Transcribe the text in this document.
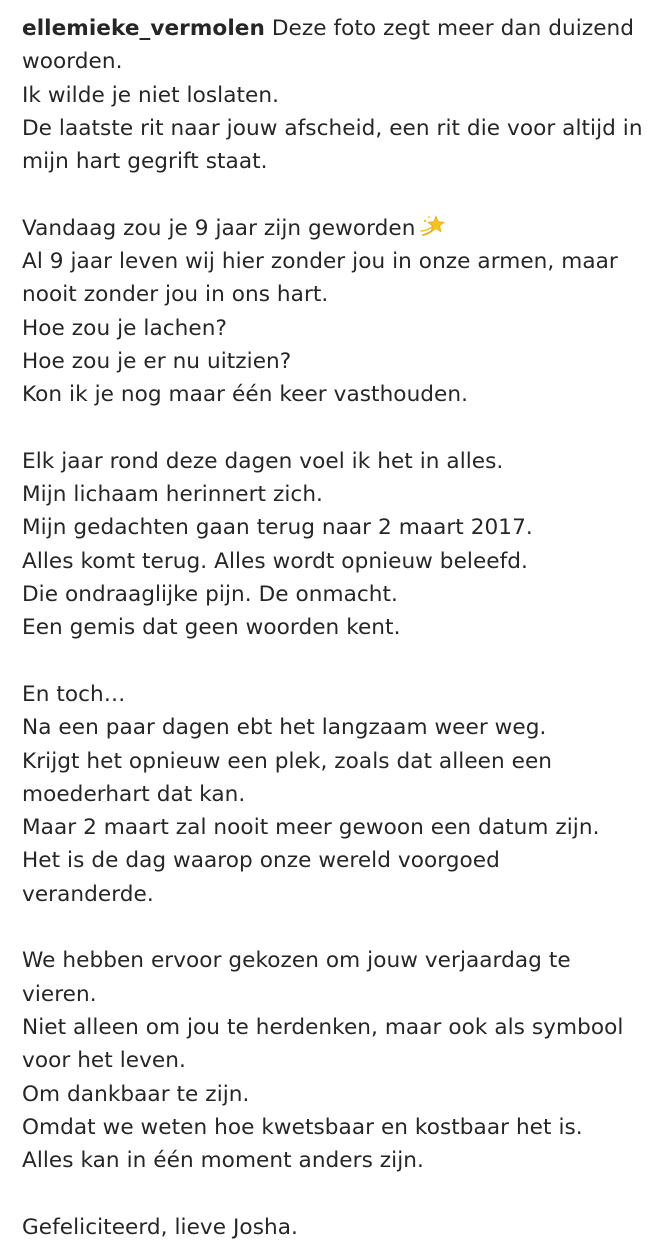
ellemieke_vermolen Deze foto zegt meer dan duizend
woorden.
Ik wilde je niet loslaten.
De laatste rit naar jouw afscheid, een rit die voor altijd in
mijn hart gegrift staat.
Vandaag zou je 9 jaar zijn geworden
Al 9 jaar leven wij hier zonder jou in onze armen, maar
nooit zonder jou in ons hart.
Hoe zou je lachen?
Hoe zou je er nu uitzien?
Kon ik je nog maar één keer vasthouden.
Elk jaar rond deze dagen voel ik het in alles.
Mijn lichaam herinnert zich.
Mijn gedachten gaan terug naar 2 maart 2017.
Alles komt terug. Alles wordt opnieuw beleefd.
Die ondraaglijke pijn. De onmacht.
Een gemis dat geen woorden kent.
En toch…
Na een paar dagen ebt het langzaam weer weg.
Krijgt het opnieuw een plek, zoals dat alleen een
moederhart dat kan.
Maar 2 maart zal nooit meer gewoon een datum zijn.
Het is de dag waarop onze wereld voorgoed
veranderde.
We hebben ervoor gekozen om jouw verjaardag te
vieren.
Niet alleen om jou te herdenken, maar ook als symbool
voor het leven.
Om dankbaar te zijn.
Omdat we weten hoe kwetsbaar en kostbaar het is.
Alles kan in één moment anders zijn.
Gefeliciteerd, lieve Josha.
